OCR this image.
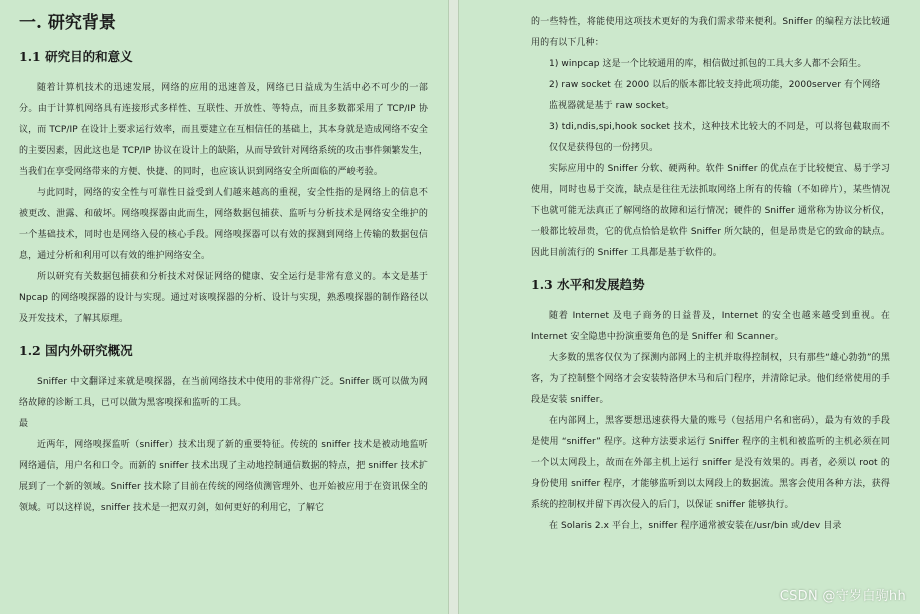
一. 研究背景
1.1 研究目的和意义

随着计算机技术的迅速发展，网络的应用的迅速普及，网络已日益成为生活中必不可少的一部分。由于计算机网络具有连接形式多样性、互联性、开放性、等特点，而且多数都采用了 TCP/IP 协议，而 TCP/IP 在设计上要求运行效率，而且要建立在互相信任的基础上，其本身就是造成网络不安全的主要因素，因此这也是 TCP/IP 协议在设计上的缺陷，从而导致针对网络系统的攻击事件频繁发生，当我们在享受网络带来的方便、快捷、的同时，也应该认识到网络安全所面临的严峻考验。

与此同时，网络的安全性与可靠性日益受到人们越来越高的重视，安全性指的是网络上的信息不被更改、泄露、和破坏。网络嗅探器由此而生，网络数据包捕获、监听与分析技术是网络安全维护的一个基础技术，同时也是网络入侵的核心手段。网络嗅探器可以有效的探测到网络上传输的数据包信息，通过分析和利用可以有效的维护网络安全。

所以研究有关数据包捕获和分析技术对保证网络的健康、安全运行是非常有意义的。本文是基于 Npcap 的网络嗅探器的设计与实现。通过对该嗅探器的分析、设计与实现，熟悉嗅探器的制作路径以及开发技术，了解其原理。

1.2 国内外研究概况

Sniffer 中文翻译过来就是嗅探器，在当前网络技术中使用的非常得广泛。Sniffer 既可以做为网络故障的诊断工具，已可以做为黑客嗅探和监听的工具。

最

近两年，网络嗅探监听（sniffer）技术出现了新的重要特征。传统的 sniffer 技术是被动地监听网络通信，用户名和口令。而新的 sniffer 技术出现了主动地控制通信数据的特点，把 sniffer 技术扩展到了一个新的领域。Sniffer 技术除了目前在传统的网络侦测管理外、也开始被应用于在资讯保全的领域。可以这样说，sniffer 技术是一把双刃剑，如何更好的利用它，了解它

的一些特性，将能使用这项技术更好的为我们需求带来便利。Sniffer 的编程方法比较通用的有以下几种：

1) winpcap 这是一个比较通用的库，相信做过抓包的工具大多人都不会陌生。

2) raw socket 在 2000 以后的版本都比较支持此项功能，2000server 有个网络

监视器就是基于 raw socket。

3) tdi,ndis,spi,hook socket 技术，这种技术比较大的不同是，可以将包截取而不仅仅是获得包的一份拷贝。

实际应用中的 Sniffer 分软、硬两种。软件 Sniffer 的优点在于比较便宜、易于学习使用，同时也易于交流，缺点是往往无法抓取网络上所有的传输（不如碎片），某些情况下也就可能无法真正了解网络的故障和运行情况；硬件的 Sniffer 通常称为协议分析仪，一般都比较昂贵，它的优点恰恰是软件 Sniffer 所欠缺的，但是昂贵是它的致命的缺点。因此目前流行的 Sniffer 工具都是基于软件的。

1.3 水平和发展趋势

随着 Internet 及电子商务的日益普及，Internet 的安全也越来越受到重视。在 Internet 安全隐患中扮演重要角色的是 Sniffer 和 Scanner。

大多数的黑客仅仅为了探测内部网上的主机并取得控制权，只有那些“雄心勃勃”的黑客，为了控制整个网络才会安装特洛伊木马和后门程序，并清除记录。他们经常使用的手段是安装 sniffer。

在内部网上，黑客要想迅速获得大量的账号（包括用户名和密码），最为有效的手段是使用 “sniffer” 程序。这种方法要求运行 Sniffer 程序的主机和被监听的主机必须在同一个以太网段上，故而在外部主机上运行 sniffer 是没有效果的。再者，必须以 root 的身份使用 sniffer 程序，才能够监听到以太网段上的数据流。黑客会使用各种方法，获得系统的控制权并留下再次侵入的后门，以保证 sniffer 能够执行。

在 Solaris 2.x 平台上，sniffer 程序通常被安装在/usr/bin 或/dev 目录

CSDN @守岁白驹hh
